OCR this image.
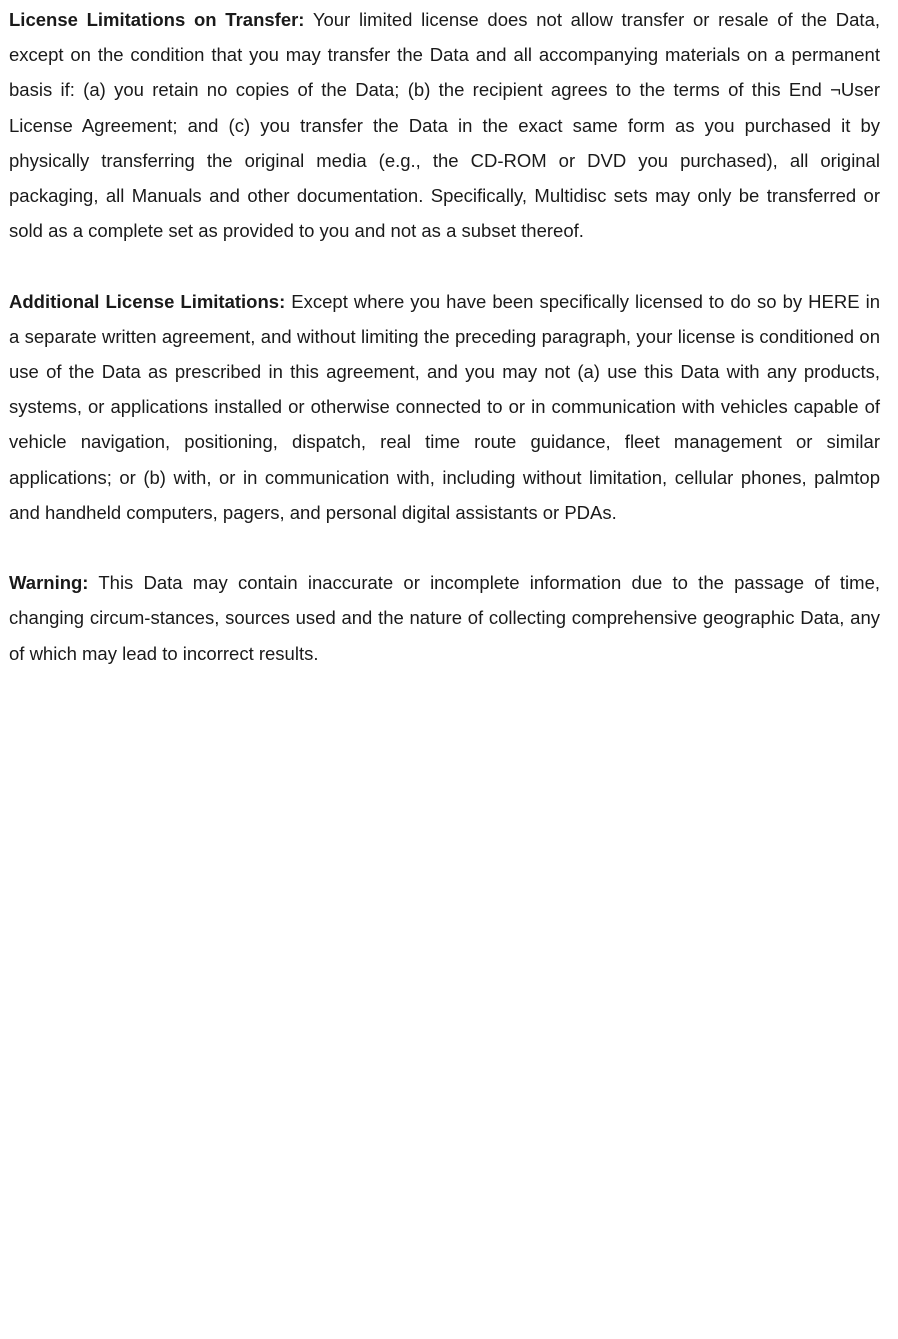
License Limitations on Transfer: Your limited license does not allow transfer or resale of the Data, except on the condition that you may transfer the Data and all accompanying materials on a permanent basis if: (a) you retain no copies of the Data; (b) the recipient agrees to the terms of this End ¬User License Agreement; and (c) you transfer the Data in the exact same form as you purchased it by physically transferring the original media (e.g., the CD-ROM or DVD you purchased), all original packaging, all Manuals and other documentation. Specifically, Multidisc sets may only be transferred or sold as a complete set as provided to you and not as a subset thereof.

Additional License Limitations: Except where you have been specifically licensed to do so by HERE in a separate written agreement, and without limiting the preceding paragraph, your license is conditioned on use of the Data as prescribed in this agreement, and you may not (a) use this Data with any products, systems, or applications installed or otherwise connected to or in communication with vehicles capable of vehicle navigation, positioning, dispatch, real time route guidance, fleet management or similar applications; or (b) with, or in communication with, including without limitation, cellular phones, palmtop and handheld computers, pagers, and personal digital assistants or PDAs.

Warning: This Data may contain inaccurate or incomplete information due to the passage of time, changing circum-stances, sources used and the nature of collecting comprehensive geographic Data, any of which may lead to incorrect results.
